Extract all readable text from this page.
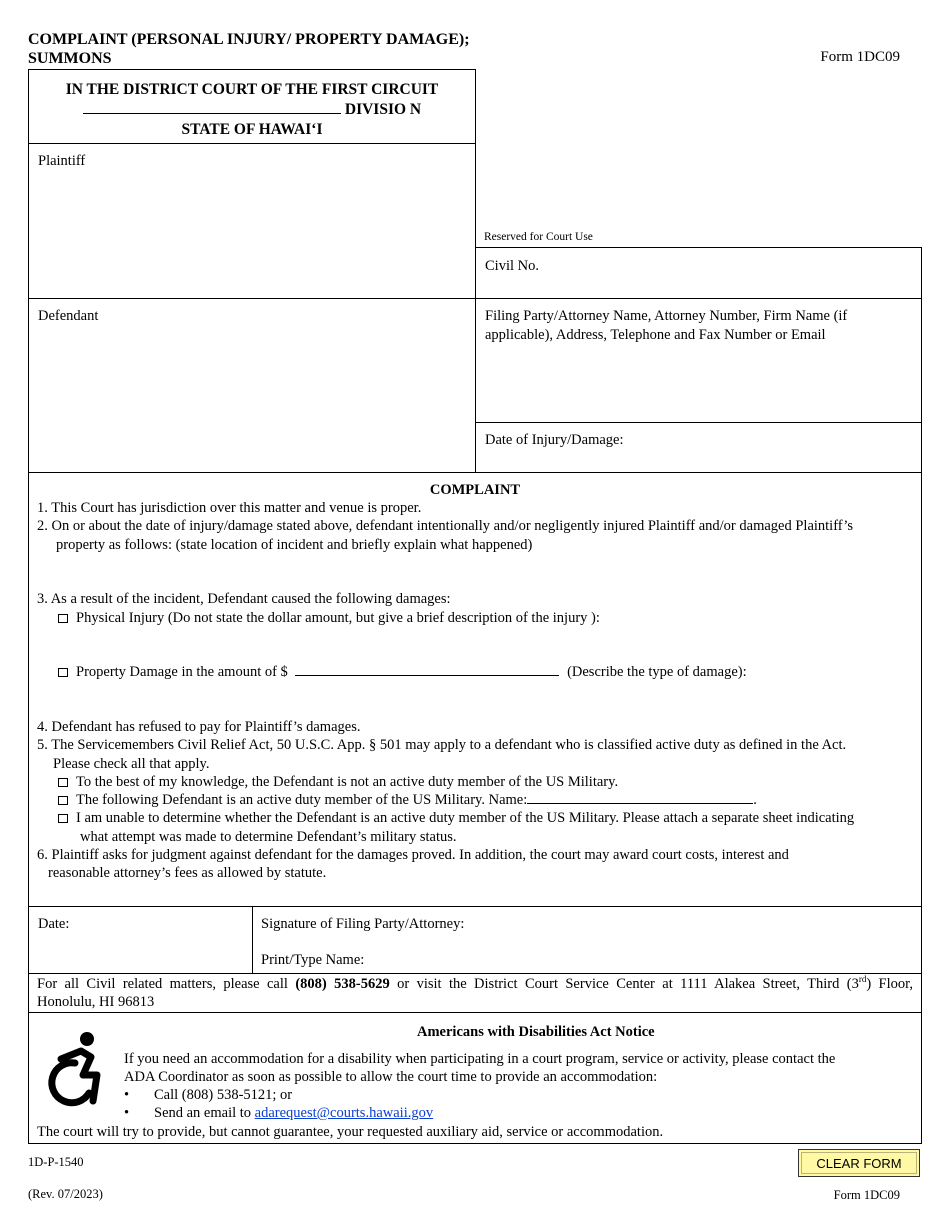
COMPLAINT (PERSONAL INJURY/ PROPERTY DAMAGE);
SUMMONS	Form 1DC09
IN THE DISTRICT COURT OF THE FIRST CIRCUIT
DIVISIO N
STATE OF HAWAI‘I
Plaintiff
Defendant
Reserved for Court Use
Civil No.
Filing Party/Attorney Name, Attorney Number, Firm Name (if
applicable), Address, Telephone and Fax Number or Email
Date of Injury/Damage:
COMPLAINT
1. This Court has jurisdiction over this matter and venue is proper.
2. On or about the date of injury/damage stated above, defendant intentionally and/or negligently injured Plaintiff and/or damaged Plaintiff’s
property as follows: (state location of incident and briefly explain what happened)
3. As a result of the incident, Defendant caused the following damages:
Physical Injury (Do not state the dollar amount, but give a brief description of the injury ):
Property Damage in the amount of $	(Describe the type of damage):
4. Defendant has refused to pay for Plaintiff’s damages.
5. The Servicemembers Civil Relief Act, 50 U.S.C. App. § 501 may apply to a defendant who is classified active duty as defined in the Act.
Please check all that apply.
To the best of my knowledge, the Defendant is not an active duty member of the US Military.
The following Defendant is an active duty member of the US Military. Name:	.
I am unable to determine whether the Defendant is an active duty member of the US Military. Please attach a separate sheet indicating
what attempt was made to determine Defendant’s military status.
6. Plaintiff asks for judgment against defendant for the damages proved. In addition, the court may award court costs, interest and
reasonable attorney’s fees as allowed by statute.
Date:	Signature of Filing Party/Attorney:
Print/Type Name:
For all Civil related matters, please call (808) 538-5629 or visit the District Court Service Center at 1111 Alakea Street, Third (3rd) Floor,
Honolulu, HI 96813
Americans with Disabilities Act Notice
If you need an accommodation for a disability when participating in a court program, service or activity, please contact the
ADA Coordinator as soon as possible to allow the court time to provide an accommodation:
• Call (808) 538-5121; or
• Send an email to adarequest@courts.hawaii.gov
The court will try to provide, but cannot guarantee, your requested auxiliary aid, service or accommodation.
1D-P-1540
(Rev. 07/2023)	Form 1DC09
CLEAR FORM
